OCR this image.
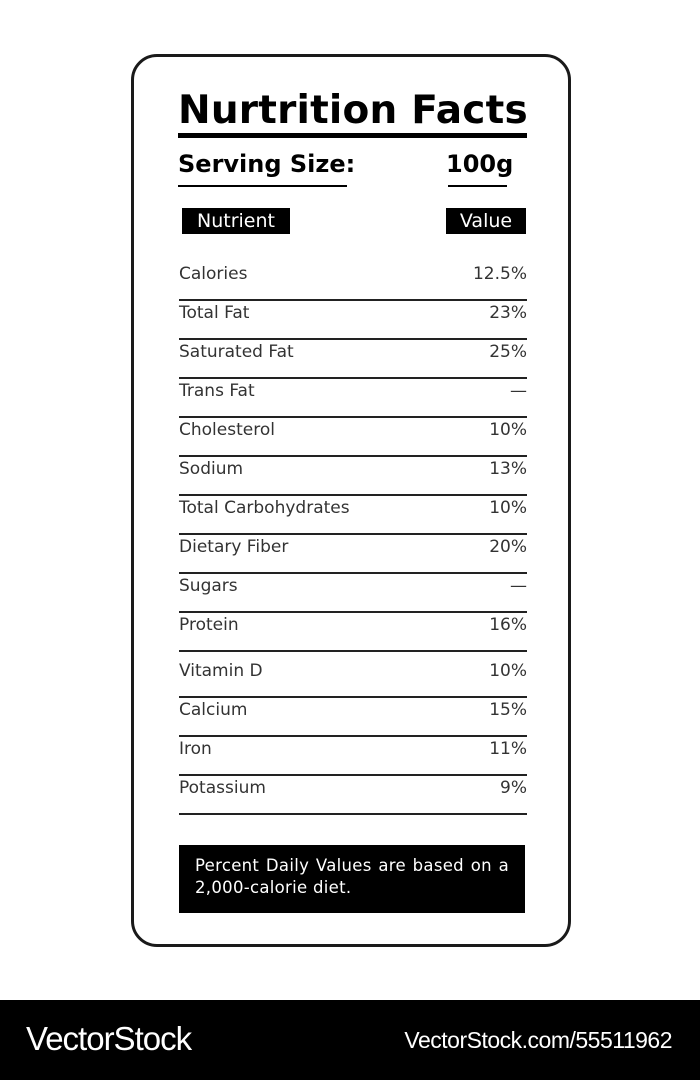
Nurtrition Facts
Serving Size:	100g
Nutrient	Value
Calories	12.5%
Total Fat	23%
Saturated Fat	25%
Trans Fat	—
Cholesterol	10%
Sodium	13%
Total Carbohydrates	10%
Dietary Fiber	20%
Sugars	—
Protein	16%
Vitamin D	10%
Calcium	15%
Iron	11%
Potassium	9%
Percent Daily Values are based on a 2,000-calorie diet.
VectorStock	VectorStock.com/55511962
